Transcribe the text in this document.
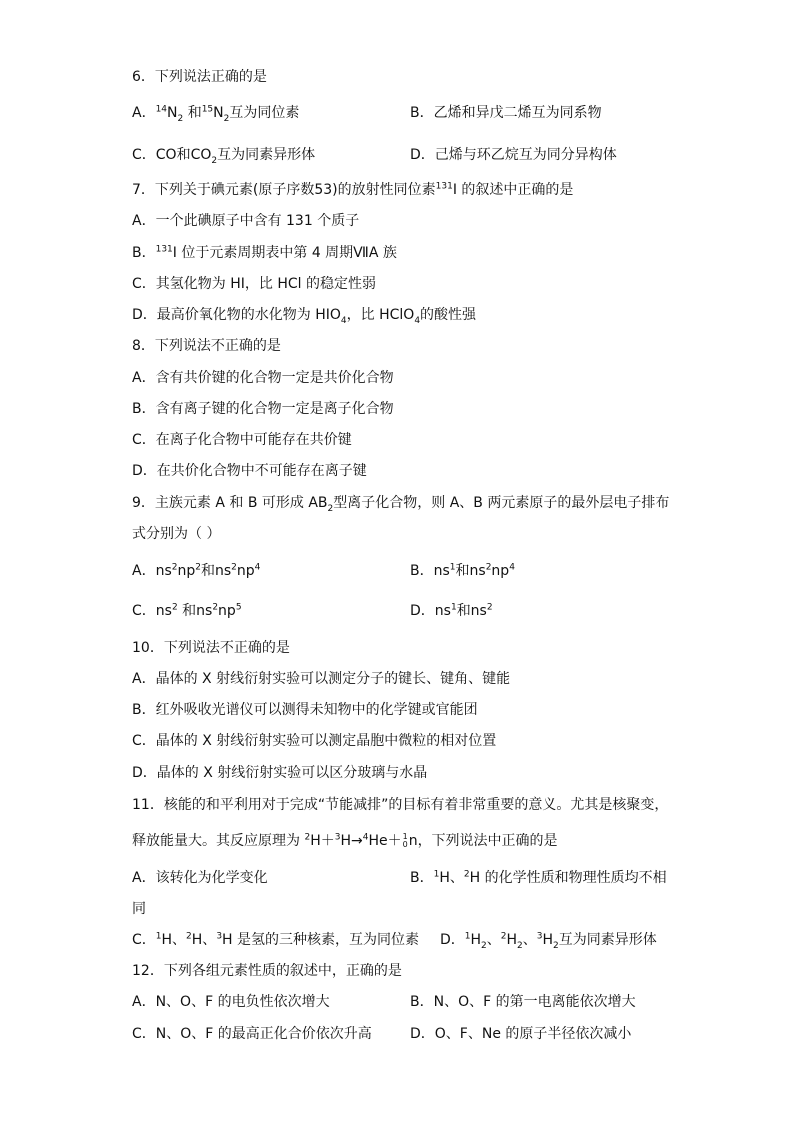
6．下列说法正确的是
A．$^{14}N_2$ 和$^{15}N_2$互为同位素	B．乙烯和异戊二烯互为同系物
C．CO和$CO_2$互为同素异形体	D．己烯与环乙烷互为同分异构体
7．下列关于碘元素(原子序数53)的放射性同位素$^{131}$I 的叙述中正确的是
A．一个此碘原子中含有 131 个质子
B．$^{131}$I 位于元素周期表中第 4 周期ⅦA 族
C．其氢化物为 HI，比 HCl 的稳定性弱
D．最高价氧化物的水化物为 $HIO_4$，比 HClO$_4$的酸性强
8．下列说法不正确的是
A．含有共价键的化合物一定是共价化合物
B．含有离子键的化合物一定是离子化合物
C．在离子化合物中可能存在共价键
D．在共价化合物中不可能存在离子键
9．主族元素 A 和 B 可形成 $AB_2$型离子化合物，则 A、B 两元素原子的最外层电子排布
式分别为（ ）
A．$ns^2np^2$和$ns^2np^4$	B．$ns^1$和$ns^2np^4$
C．$ns^2$ 和$ns^2np^5$	D．$ns^1$和$ns^2$
10．下列说法不正确的是
A．晶体的 X 射线衍射实验可以测定分子的键长、键角、键能
B．红外吸收光谱仪可以测得未知物中的化学键或官能团
C．晶体的 X 射线衍射实验可以测定晶胞中微粒的相对位置
D．晶体的 X 射线衍射实验可以区分玻璃与水晶
11．核能的和平利用对于完成“节能减排”的目标有着非常重要的意义。尤其是核聚变，
释放能量大。其反应原理为 $^2$H＋$^3$H→$^4$He＋ 1
0 n，下列说法中正确的是
A．该转化为化学变化	B．$^1$H、$^2$H 的化学性质和物理性质均不相
同
C．$^1$H、$^2$H、$^3$H 是氢的三种核素，互为同位素 D．$^1H_2$、$^2H_2$、$^3H_2$互为同素异形体
12．下列各组元素性质的叙述中，正确的是
A．N、O、F 的电负性依次增大	B．N、O、F 的第一电离能依次增大
C．N、O、F 的最高正化合价依次升高	D．O、F、Ne 的原子半径依次减小
